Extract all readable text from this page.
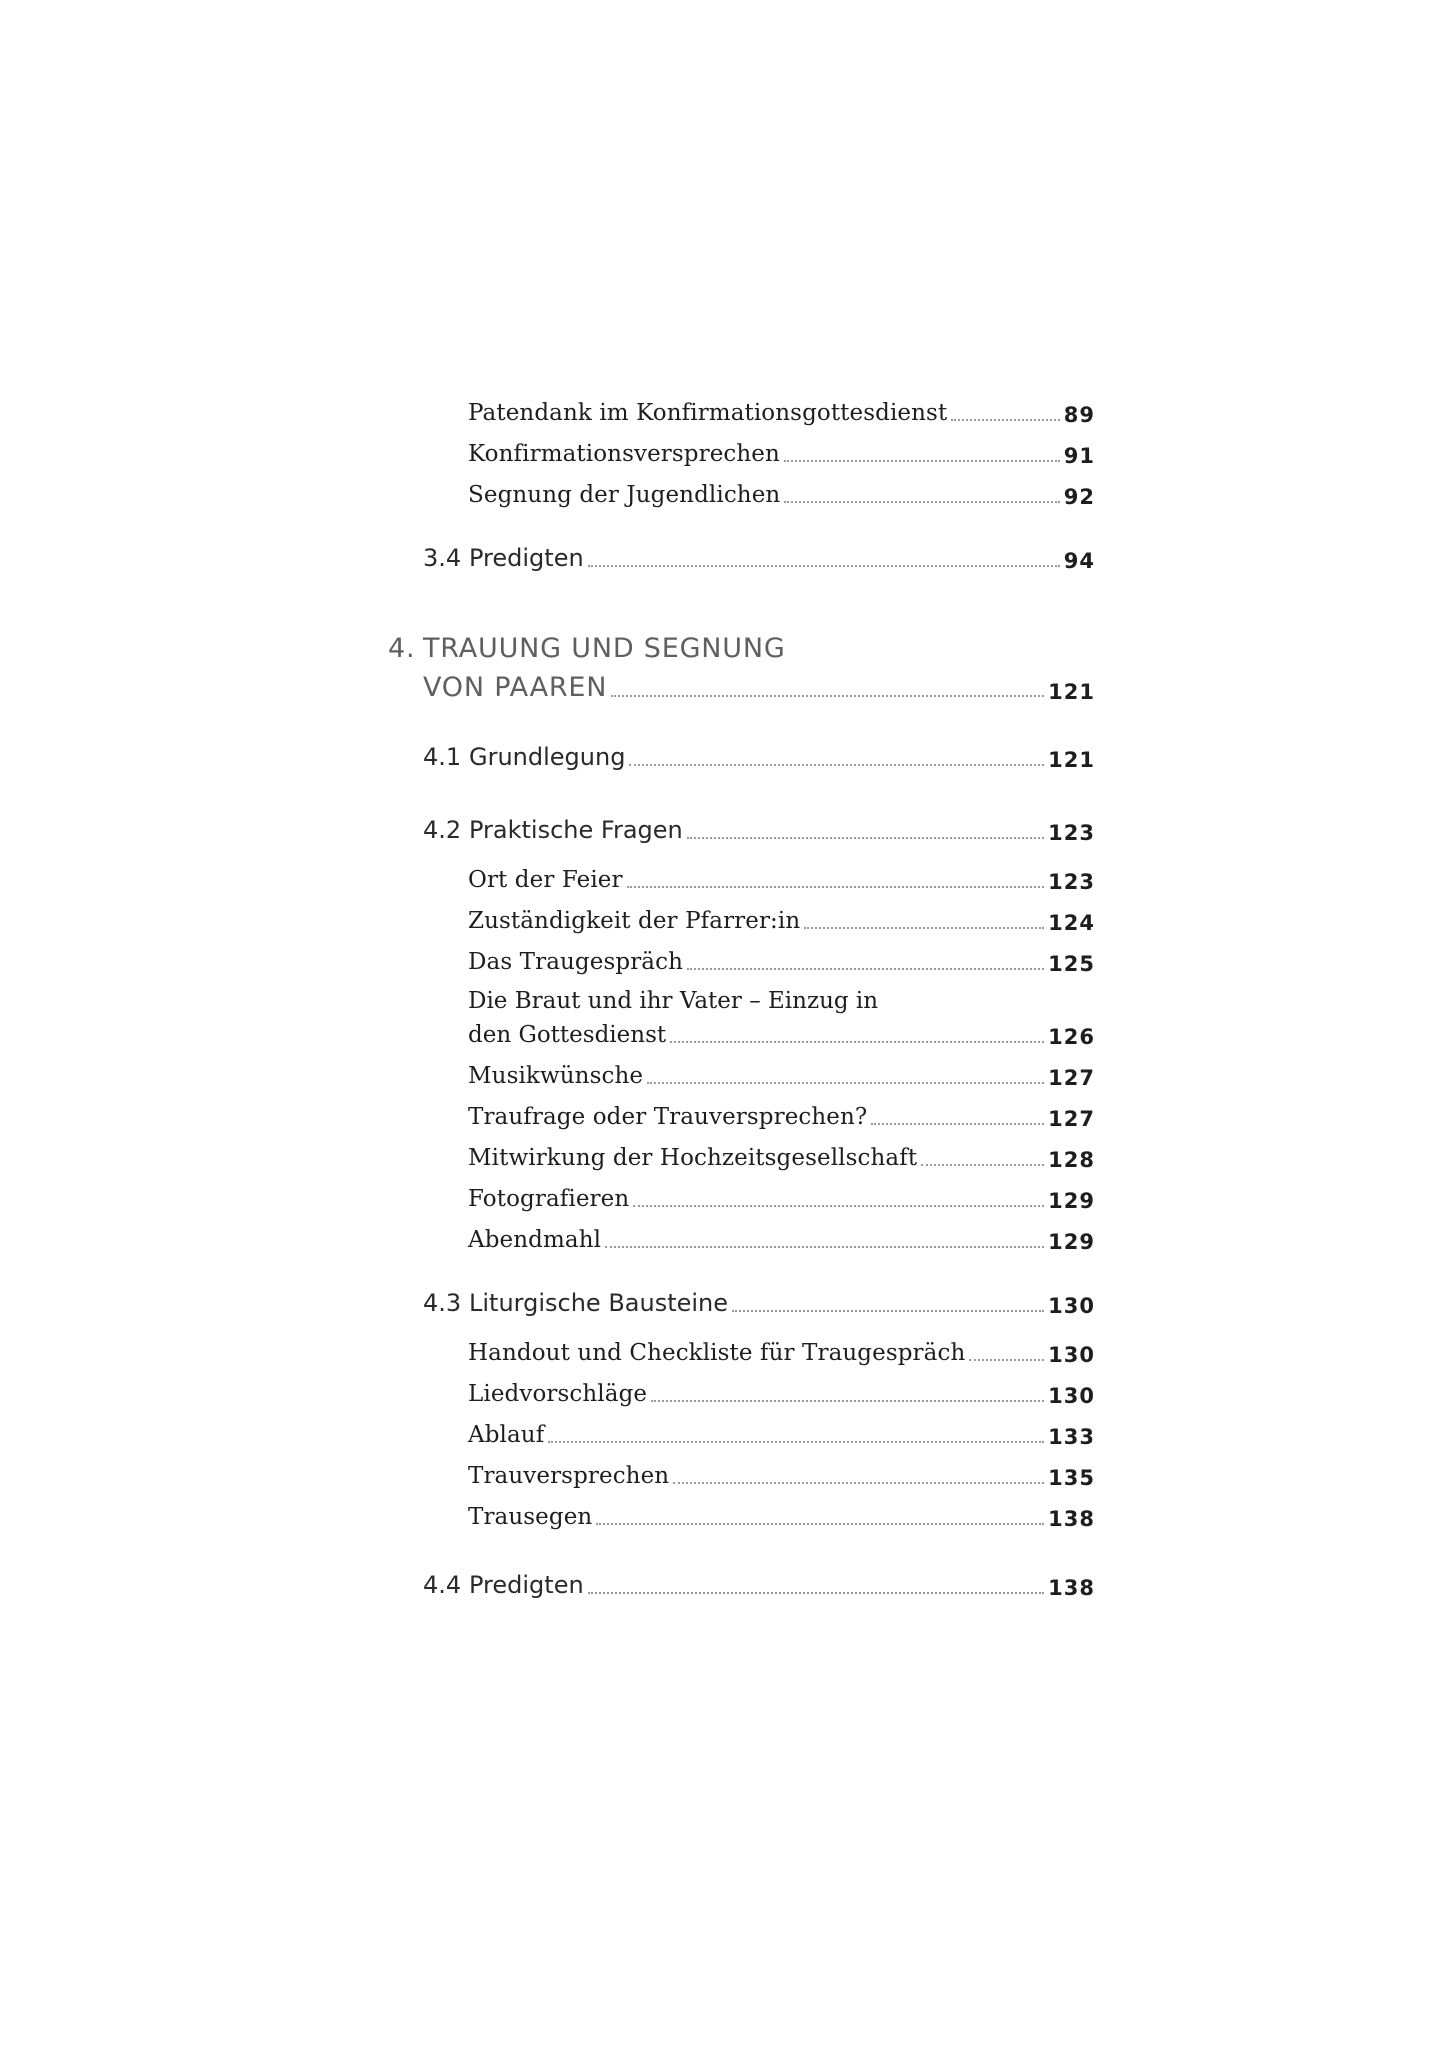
Patendank im Konfirmationsgottesdienst	89
Konfirmationsversprechen	91
Segnung der Jugendlichen	92
3.4 Predigten	94
4. TRAUUNG UND SEGNUNG
VON PAAREN	121
4.1 Grundlegung	121
4.2 Praktische Fragen	123
Ort der Feier	123
Zuständigkeit der Pfarrer:in	124
Das Traugespräch	125
Die Braut und ihr Vater – Einzug in
den Gottesdienst	126
Musikwünsche	127
Traufrage oder Trauversprechen?	127
Mitwirkung der Hochzeitsgesellschaft	128
Fotografieren	129
Abendmahl	129
4.3 Liturgische Bausteine	130
Handout und Checkliste für Traugespräch	130
Liedvorschläge	130
Ablauf	133
Trauversprechen	135
Trausegen	138
4.4 Predigten	138
